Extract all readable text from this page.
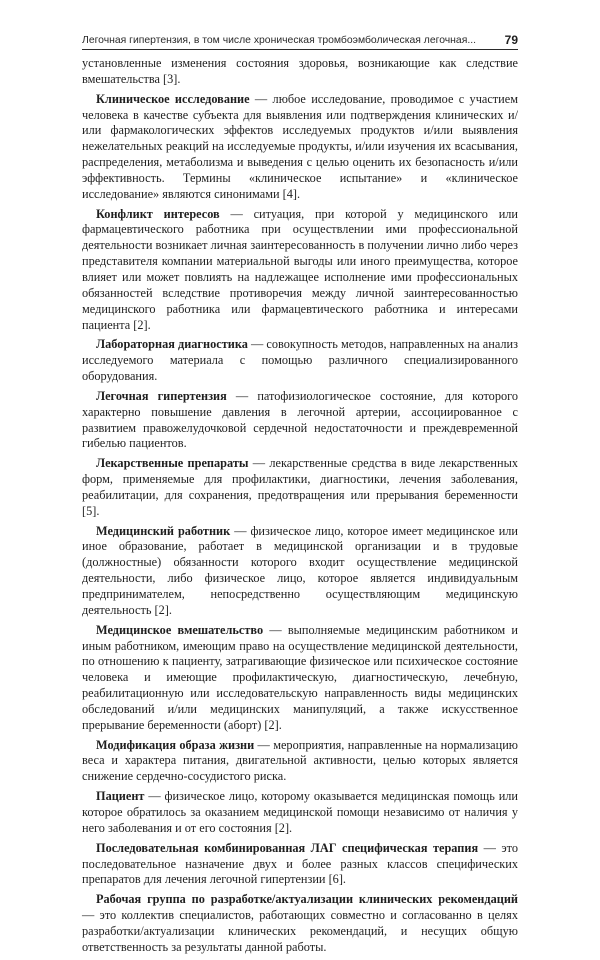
Легочная гипертензия, в том числе хроническая тромбоэмболическая легочная... 79

установленные изменения состояния здоровья, возникающие как следствие вмешательства [3].

Клиническое исследование — любое исследование, проводимое с участием человека в качестве субъекта для выявления или подтверждения клинических и/или фармакологических эффектов исследуемых продуктов и/или выявления нежелательных реакций на исследуемые продукты, и/или изучения их всасывания, распределения, метаболизма и выведения с целью оценить их безопасность и/или эффективность. Термины «клиническое испытание» и «клиническое исследование» являются синонимами [4].

Конфликт интересов — ситуация, при которой у медицинского или фармацевтического работника при осуществлении ими профессиональной деятельности возникает личная заинтересованность в получении лично либо через представителя компании материальной выгоды или иного преимущества, которое влияет или может повлиять на надлежащее исполнение ими профессиональных обязанностей вследствие противоречия между личной заинтересованностью медицинского работника или фармацевтического работника и интересами пациента [2].

Лабораторная диагностика — совокупность методов, направленных на анализ исследуемого материала с помощью различного специализированного оборудования.

Легочная гипертензия — патофизиологическое состояние, для которого характерно повышение давления в легочной артерии, ассоциированное с развитием правожелудочковой сердечной недостаточности и преждевременной гибелью пациентов.

Лекарственные препараты — лекарственные средства в виде лекарственных форм, применяемые для профилактики, диагностики, лечения заболевания, реабилитации, для сохранения, предотвращения или прерывания беременности [5].

Медицинский работник — физическое лицо, которое имеет медицинское или иное образование, работает в медицинской организации и в трудовые (должностные) обязанности которого входит осуществление медицинской деятельности, либо физическое лицо, которое является индивидуальным предпринимателем, непосредственно осуществляющим медицинскую деятельность [2].

Медицинское вмешательство — выполняемые медицинским работником и иным работником, имеющим право на осуществление медицинской деятельности, по отношению к пациенту, затрагивающие физическое или психическое состояние человека и имеющие профилактическую, диагностическую, лечебную, реабилитационную или исследовательскую направленность виды медицинских обследований и/или медицинских манипуляций, а также искусственное прерывание беременности (аборт) [2].

Модификация образа жизни — мероприятия, направленные на нормализацию веса и характера питания, двигательной активности, целью которых является снижение сердечно-сосудистого риска.

Пациент — физическое лицо, которому оказывается медицинская помощь или которое обратилось за оказанием медицинской помощи независимо от наличия у него заболевания и от его состояния [2].

Последовательная комбинированная ЛАГ специфическая терапия — это последовательное назначение двух и более разных классов специфических препаратов для лечения легочной гипертензии [6].

Рабочая группа по разработке/актуализации клинических рекомендаций — это коллектив специалистов, работающих совместно и согласованно в целях разработки/актуализации клинических рекомендаций, и несущих общую ответственность за результаты данной работы.
